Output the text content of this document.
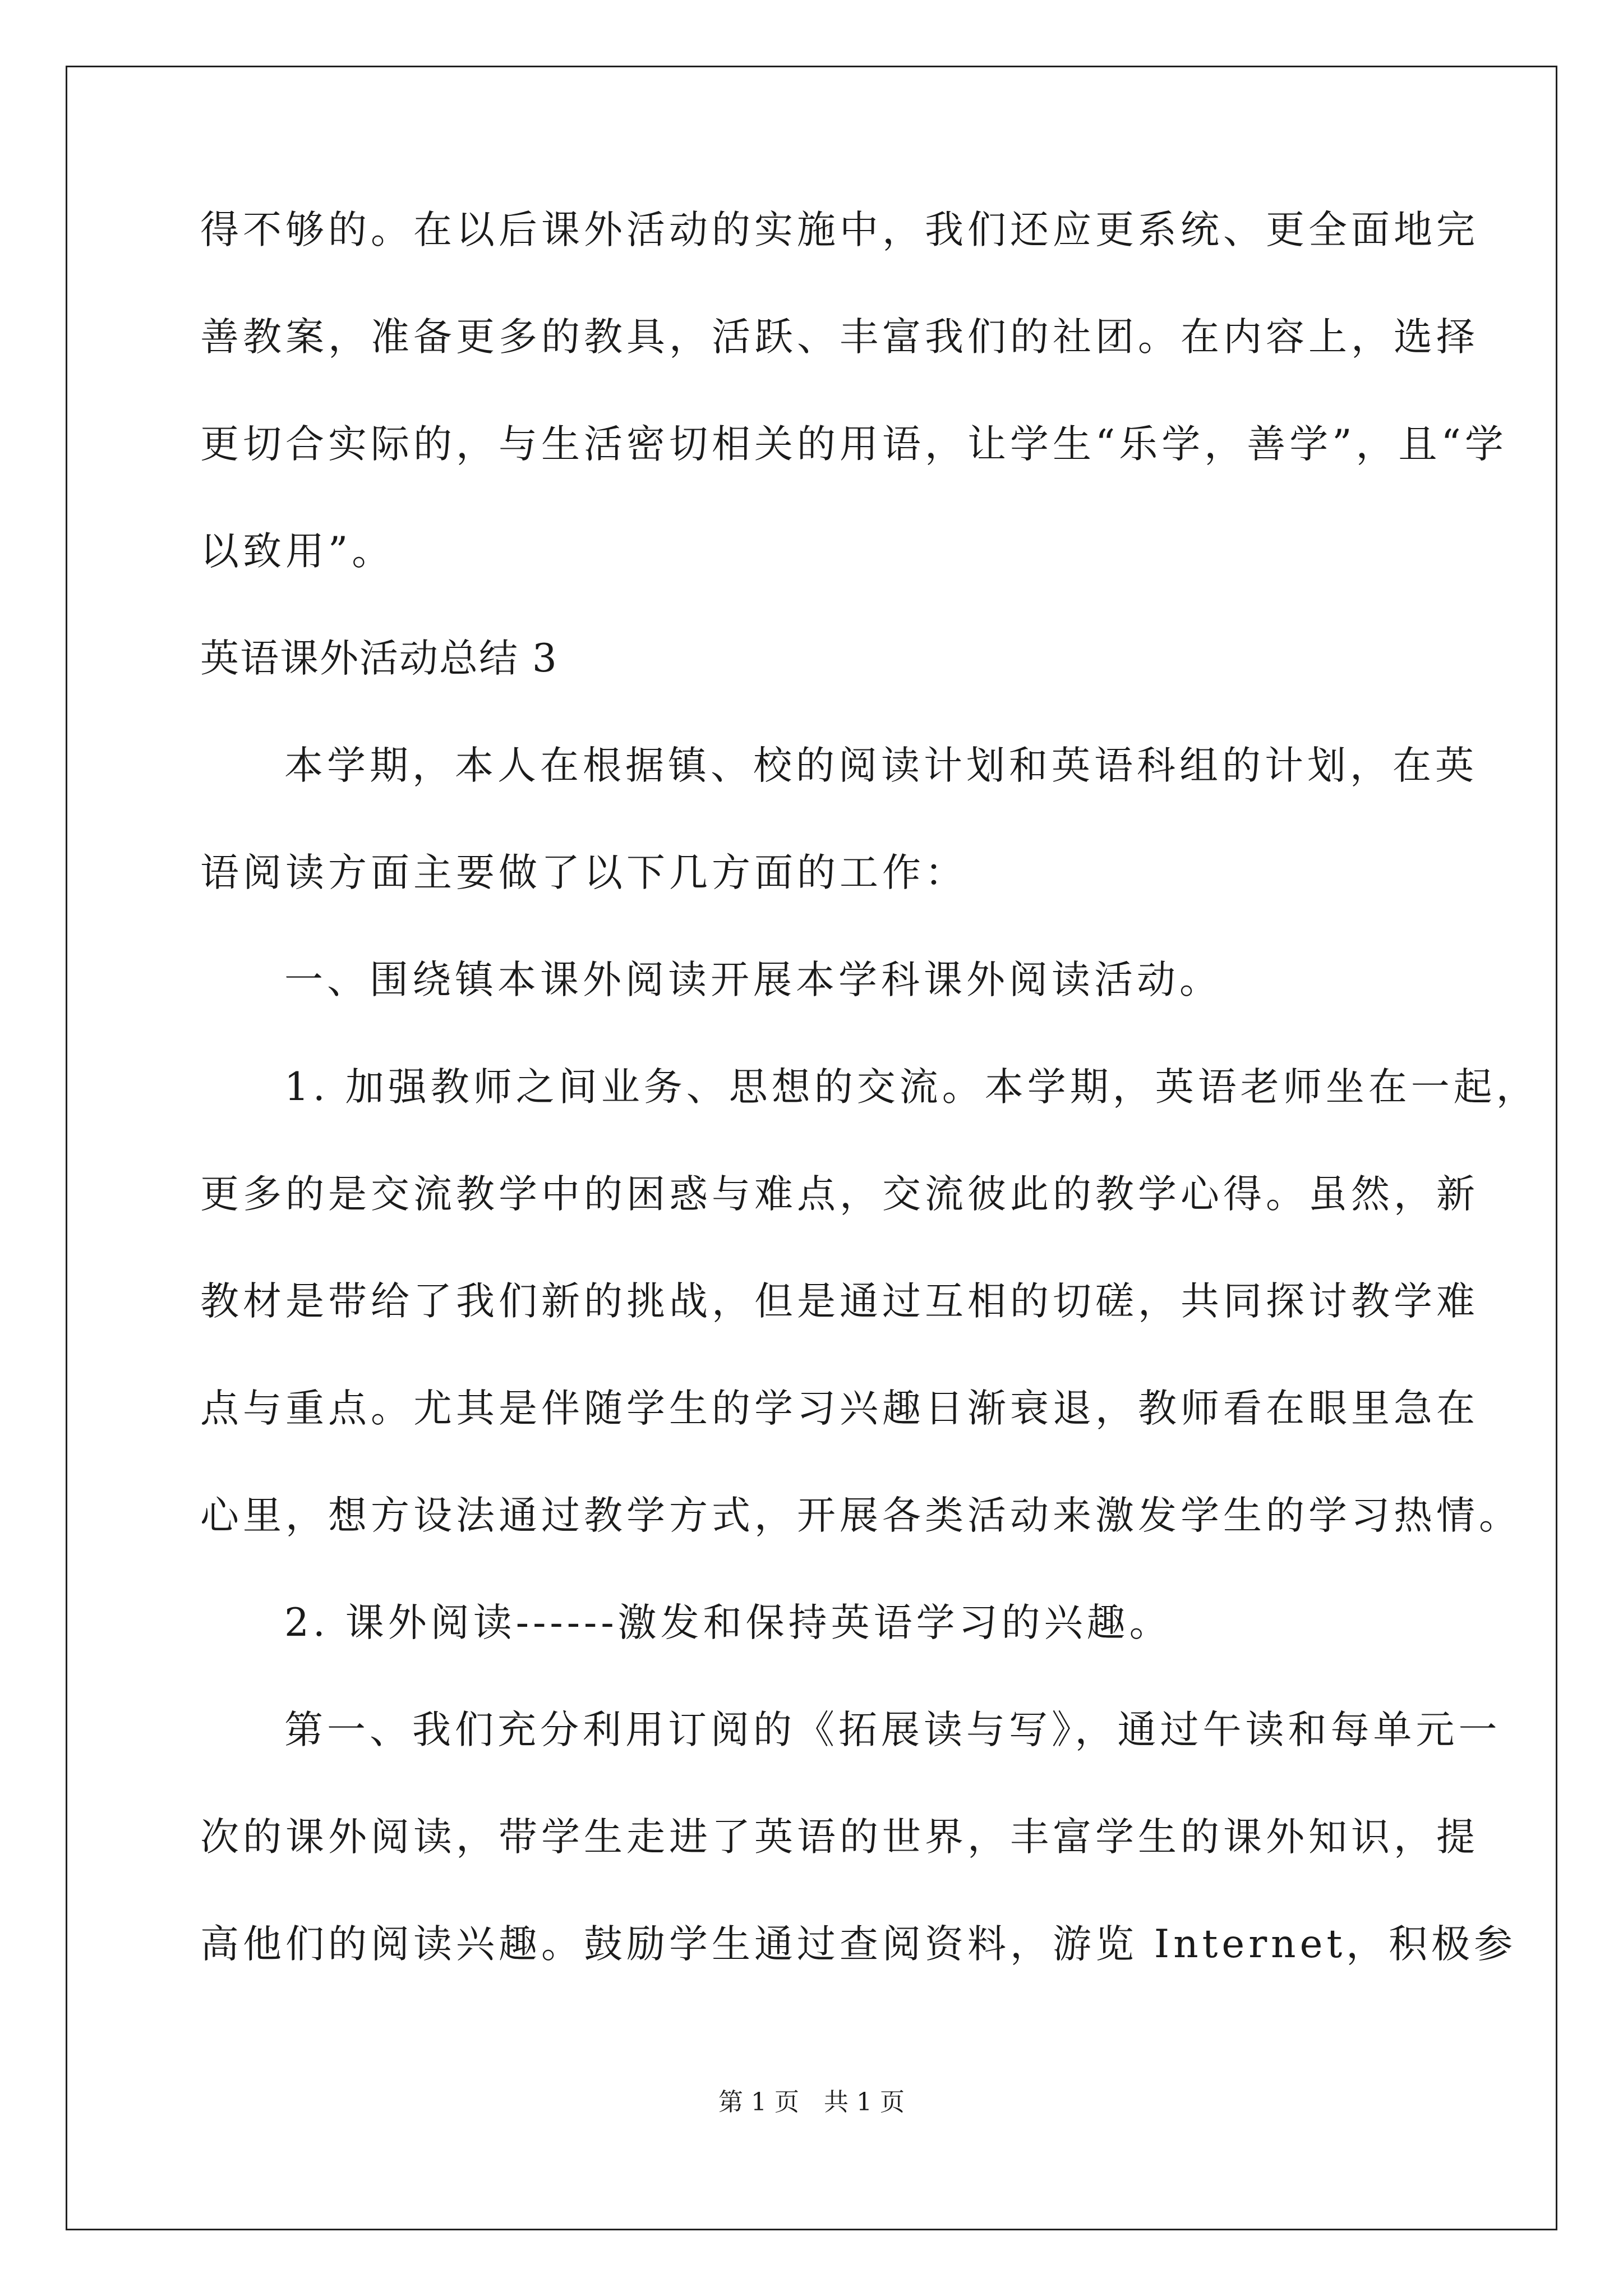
得不够的。在以后课外活动的实施中，我们还应更系统、更全面地完
善教案，准备更多的教具，活跃、丰富我们的社团。在内容上，选择
更切合实际的，与生活密切相关的用语，让学生“乐学，善学”，且“学
以致用”。
英语课外活动总结 3
本学期，本人在根据镇、校的阅读计划和英语科组的计划，在英
语阅读方面主要做了以下几方面的工作：
一、围绕镇本课外阅读开展本学科课外阅读活动。
1. 加强教师之间业务、思想的交流。本学期，英语老师坐在一起，
更多的是交流教学中的困惑与难点，交流彼此的教学心得。虽然，新
教材是带给了我们新的挑战，但是通过互相的切磋，共同探讨教学难
点与重点。尤其是伴随学生的学习兴趣日渐衰退，教师看在眼里急在
心里，想方设法通过教学方式，开展各类活动来激发学生的学习热情。
2. 课外阅读------激发和保持英语学习的兴趣。
第一、我们充分利用订阅的《拓展读与写》，通过午读和每单元一
次的课外阅读，带学生走进了英语的世界，丰富学生的课外知识，提
高他们的阅读兴趣。鼓励学生通过查阅资料，游览 Internet，积极参
第 1 页　共 1 页
